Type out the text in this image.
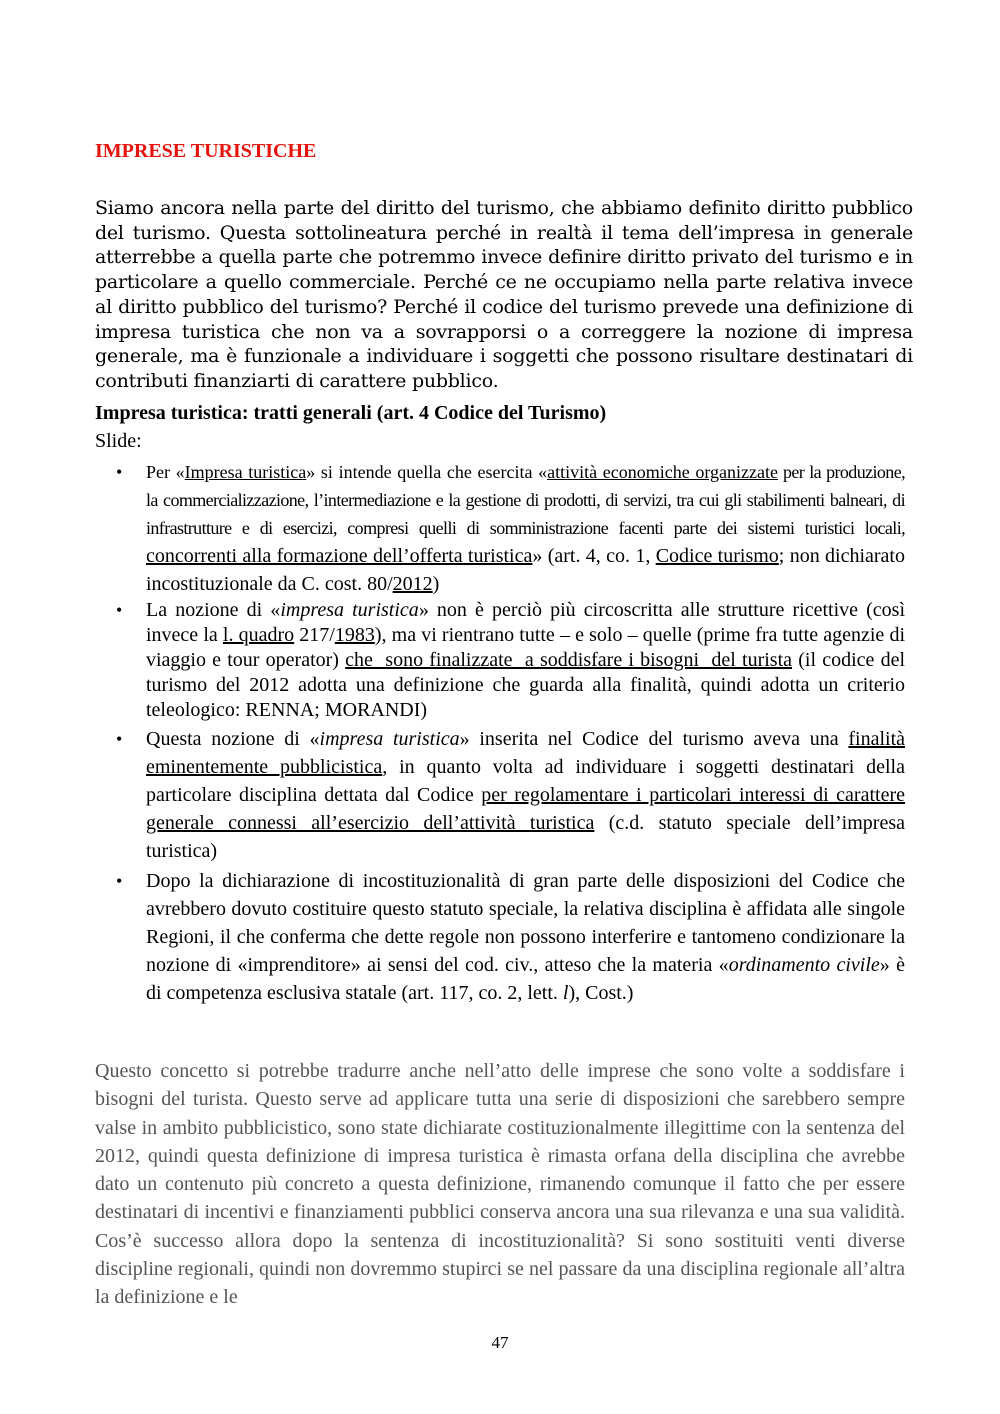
IMPRESE TURISTICHE

Siamo ancora nella parte del diritto del turismo, che abbiamo definito diritto pubblico del turismo. Questa sottolineatura perché in realtà il tema dell’impresa in generale atterrebbe a quella parte che potremmo invece definire diritto privato del turismo e in particolare a quello commerciale. Perché ce ne occupiamo nella parte relativa invece al diritto pubblico del turismo? Perché il codice del turismo prevede una definizione di impresa turistica che non va a sovrapporsi o a correggere la nozione di impresa generale, ma è funzionale a individuare i soggetti che possono risultare destinatari di contributi finanziarti di carattere pubblico.

Impresa turistica: tratti generali (art. 4 Codice del Turismo)

Slide:

• Per «Impresa turistica» si intende quella che esercita «attività economiche organizzate per la produzione, la commercializzazione, l’intermediazione e la gestione di prodotti, di servizi, tra cui gli stabilimenti balneari, di infrastrutture e di esercizi, compresi quelli di somministrazione facenti parte dei sistemi turistici locali, concorrenti alla formazione dell’offerta turistica» (art. 4, co. 1, Codice turismo; non dichiarato incostituzionale da C. cost. 80/2012)
• La nozione di «impresa turistica» non è perciò più circoscritta alle strutture ricettive (così invece la l. quadro 217/1983), ma vi rientrano tutte – e solo – quelle (prime fra tutte agenzie di viaggio e tour operator) che  sono finalizzate  a soddisfare i bisogni  del turista (il codice del turismo del 2012 adotta una definizione che guarda alla finalità, quindi adotta un criterio teleologico: RENNA; MORANDI)
• Questa nozione di «impresa turistica» inserita nel Codice del turismo aveva una finalità eminentemente pubblicistica, in quanto volta ad individuare i soggetti destinatari della particolare disciplina dettata dal Codice per regolamentare i particolari interessi di carattere generale connessi all’esercizio dell’attività turistica (c.d. statuto speciale dell’impresa turistica)
• Dopo la dichiarazione di incostituzionalità di gran parte delle disposizioni del Codice che avrebbero dovuto costituire questo statuto speciale, la relativa disciplina è affidata alle singole Regioni, il che conferma che dette regole non possono interferire e tantomeno condizionare la nozione di «imprenditore» ai sensi del cod. civ., atteso che la materia «ordinamento civile» è di competenza esclusiva statale (art. 117, co. 2, lett. l), Cost.)

Questo concetto si potrebbe tradurre anche nell’atto delle imprese che sono volte a soddisfare i bisogni del turista. Questo serve ad applicare tutta una serie di disposizioni che sarebbero sempre valse in ambito pubblicistico, sono state dichiarate costituzionalmente illegittime con la sentenza del 2012, quindi questa definizione di impresa turistica è rimasta orfana della disciplina che avrebbe dato un contenuto più concreto a questa definizione, rimanendo comunque il fatto che per essere destinatari di incentivi e finanziamenti pubblici conserva ancora una sua rilevanza e una sua validità. Cos’è successo allora dopo la sentenza di incostituzionalità? Si sono sostituiti venti diverse discipline regionali, quindi non dovremmo stupirci se nel passare da una disciplina regionale all’altra la definizione e le

47
